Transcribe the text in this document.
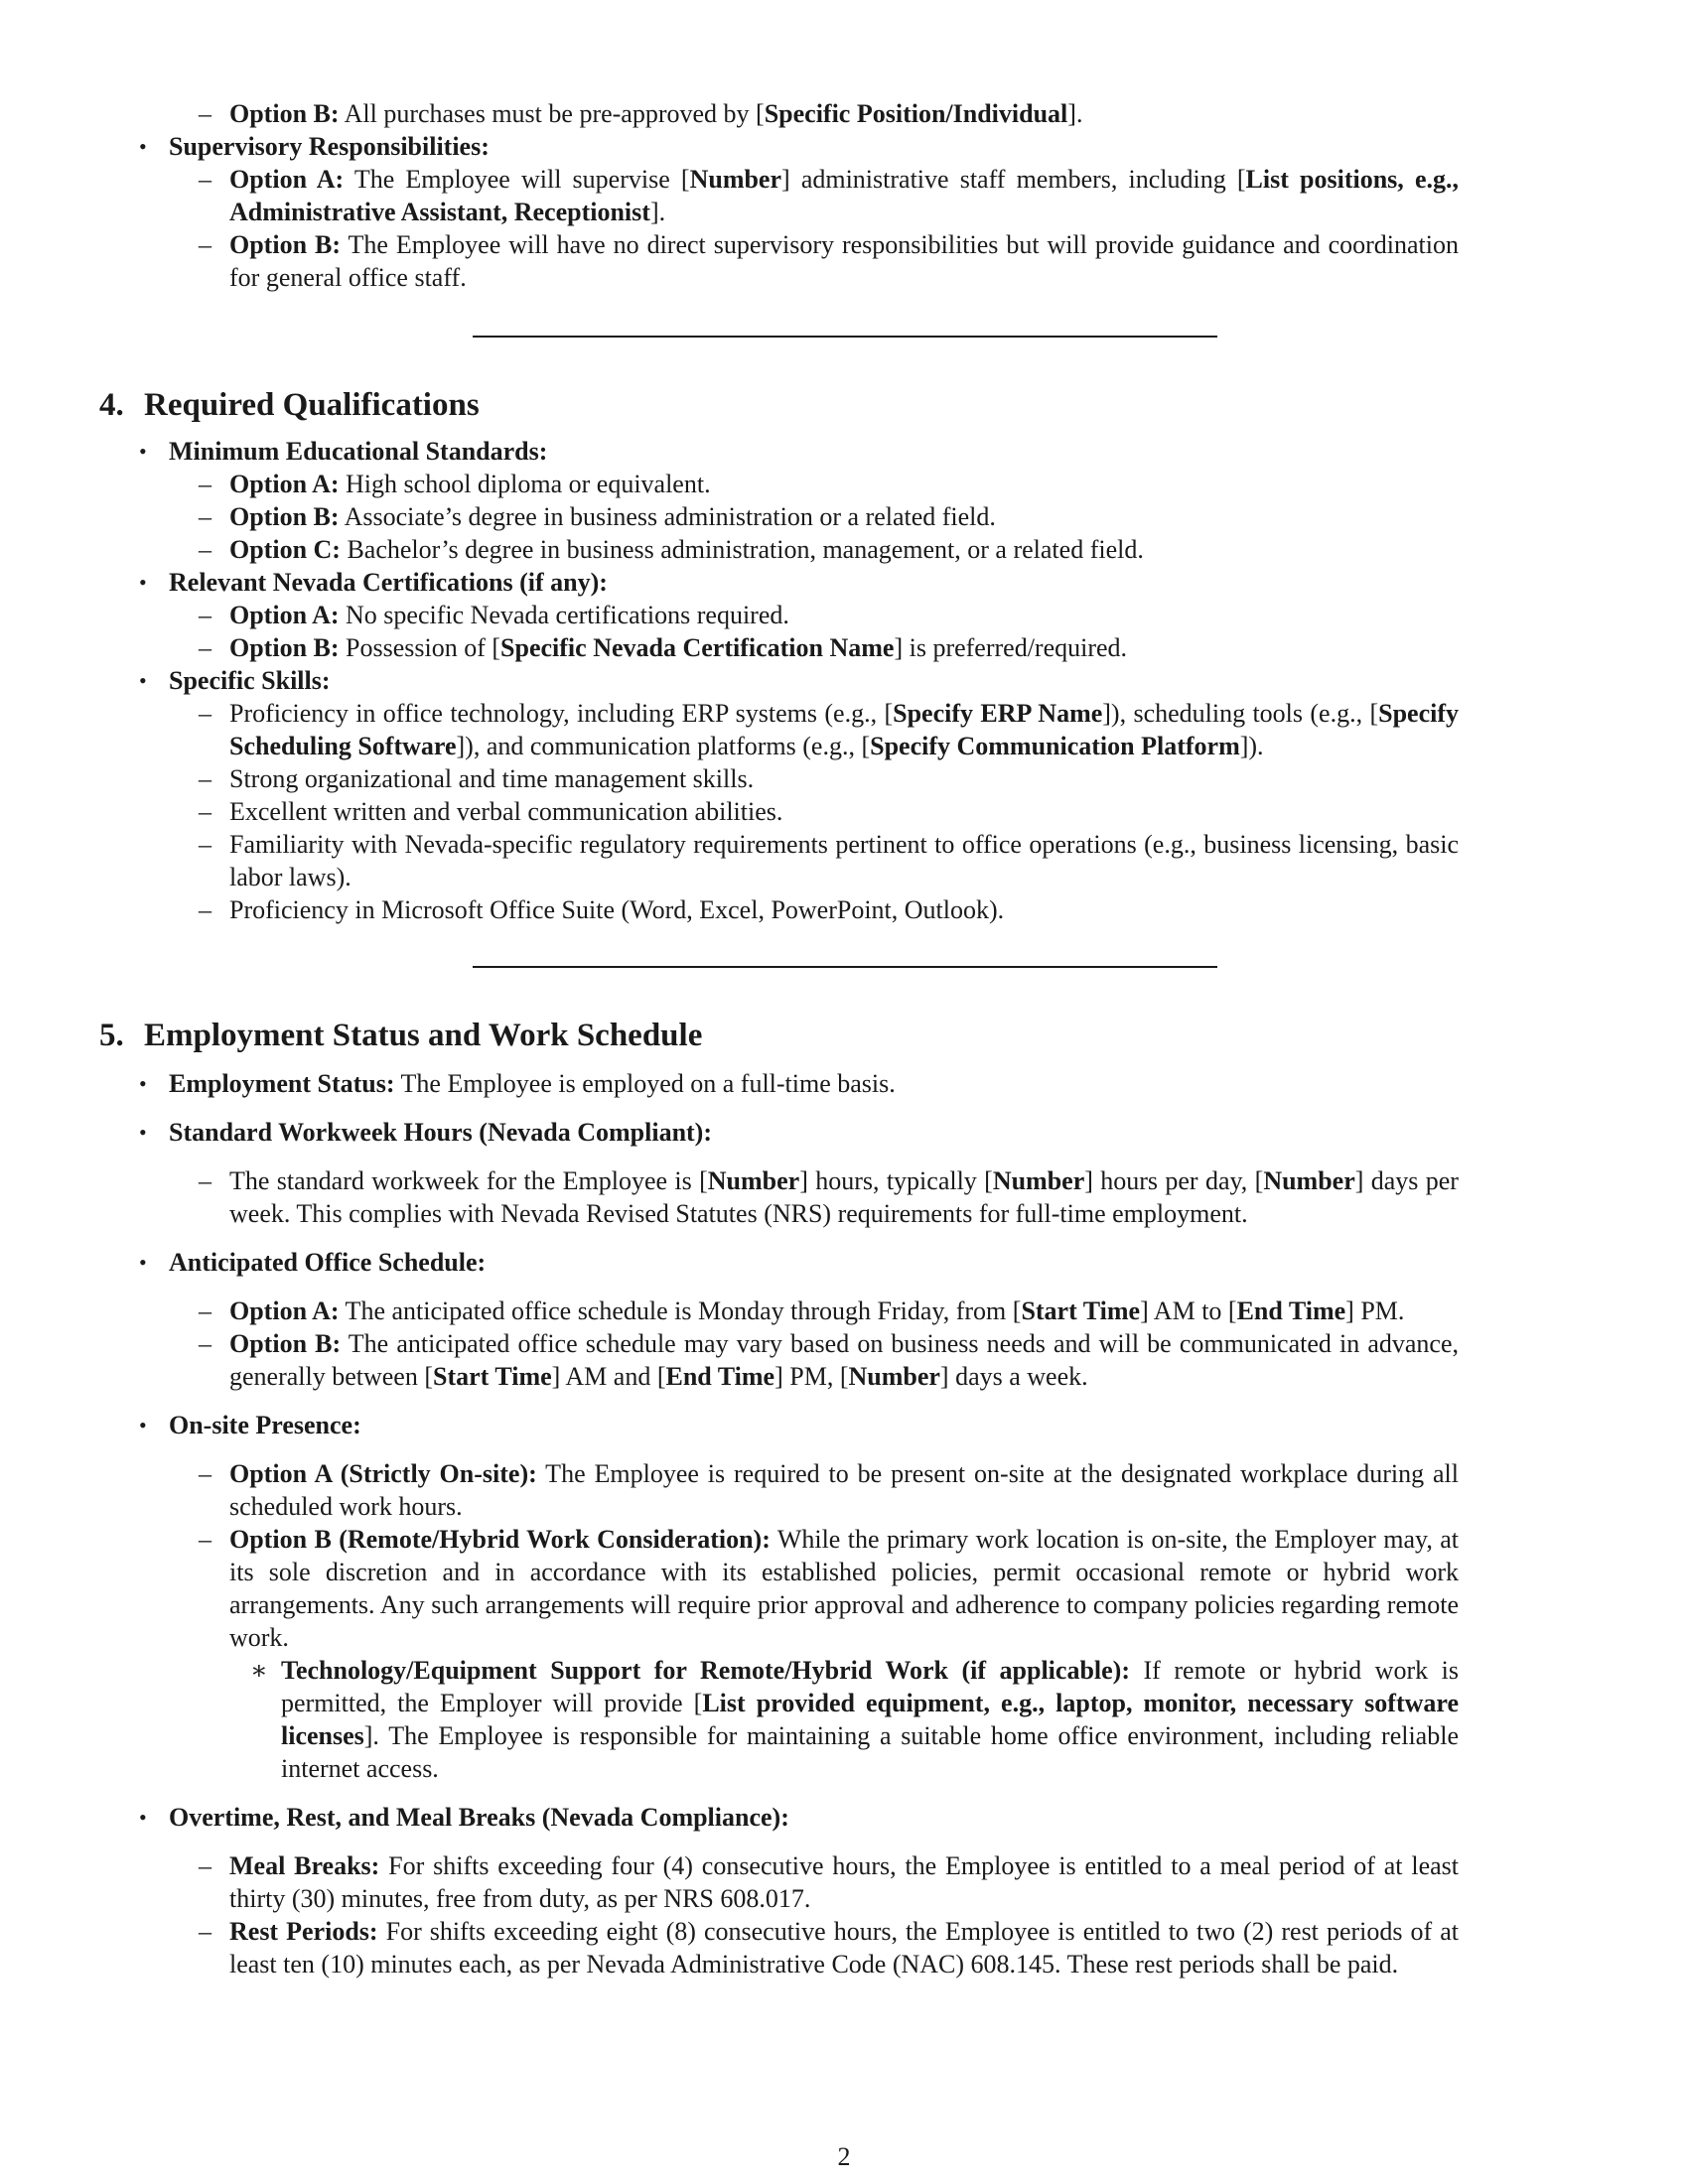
– Option B: All purchases must be pre-approved by [Specific Position/Individual].

• Supervisory Responsibilities:

– Option A: The Employee will supervise [Number] administrative staff members, including [List positions, e.g., Administrative Assistant, Receptionist].

– Option B: The Employee will have no direct supervisory responsibilities but will provide guidance and coordination for general office staff.

4. Required Qualifications

• Minimum Educational Standards:

– Option A: High school diploma or equivalent.

– Option B: Associate’s degree in business administration or a related field.

– Option C: Bachelor’s degree in business administration, management, or a related field.

• Relevant Nevada Certifications (if any):

– Option A: No specific Nevada certifications required.

– Option B: Possession of [Specific Nevada Certification Name] is preferred/required.

• Specific Skills:

– Proficiency in office technology, including ERP systems (e.g., [Specify ERP Name]), scheduling tools (e.g., [Specify Scheduling Software]), and communication platforms (e.g., [Specify Communication Platform]).

– Strong organizational and time management skills.

– Excellent written and verbal communication abilities.

– Familiarity with Nevada-specific regulatory requirements pertinent to office operations (e.g., business licensing, basic labor laws).

– Proficiency in Microsoft Office Suite (Word, Excel, PowerPoint, Outlook).

5. Employment Status and Work Schedule

• Employment Status: The Employee is employed on a full-time basis.

• Standard Workweek Hours (Nevada Compliant):

– The standard workweek for the Employee is [Number] hours, typically [Number] hours per day, [Number] days per week. This complies with Nevada Revised Statutes (NRS) requirements for full-time employment.

• Anticipated Office Schedule:

– Option A: The anticipated office schedule is Monday through Friday, from [Start Time] AM to [End Time] PM.

– Option B: The anticipated office schedule may vary based on business needs and will be communicated in advance, generally between [Start Time] AM and [End Time] PM, [Number] days a week.

• On-site Presence:

– Option A (Strictly On-site): The Employee is required to be present on-site at the designated workplace during all scheduled work hours.

– Option B (Remote/Hybrid Work Consideration): While the primary work location is on-site, the Employer may, at its sole discretion and in accordance with its established policies, permit occasional remote or hybrid work arrangements. Any such arrangements will require prior approval and adherence to company policies regarding remote work.

∗ Technology/Equipment Support for Remote/Hybrid Work (if applicable): If remote or hybrid work is permitted, the Employer will provide [List provided equipment, e.g., laptop, monitor, necessary software licenses]. The Employee is responsible for maintaining a suitable home office environment, including reliable internet access.

• Overtime, Rest, and Meal Breaks (Nevada Compliance):

– Meal Breaks: For shifts exceeding four (4) consecutive hours, the Employee is entitled to a meal period of at least thirty (30) minutes, free from duty, as per NRS 608.017.

– Rest Periods: For shifts exceeding eight (8) consecutive hours, the Employee is entitled to two (2) rest periods of at least ten (10) minutes each, as per Nevada Administrative Code (NAC) 608.145. These rest periods shall be paid.

2
